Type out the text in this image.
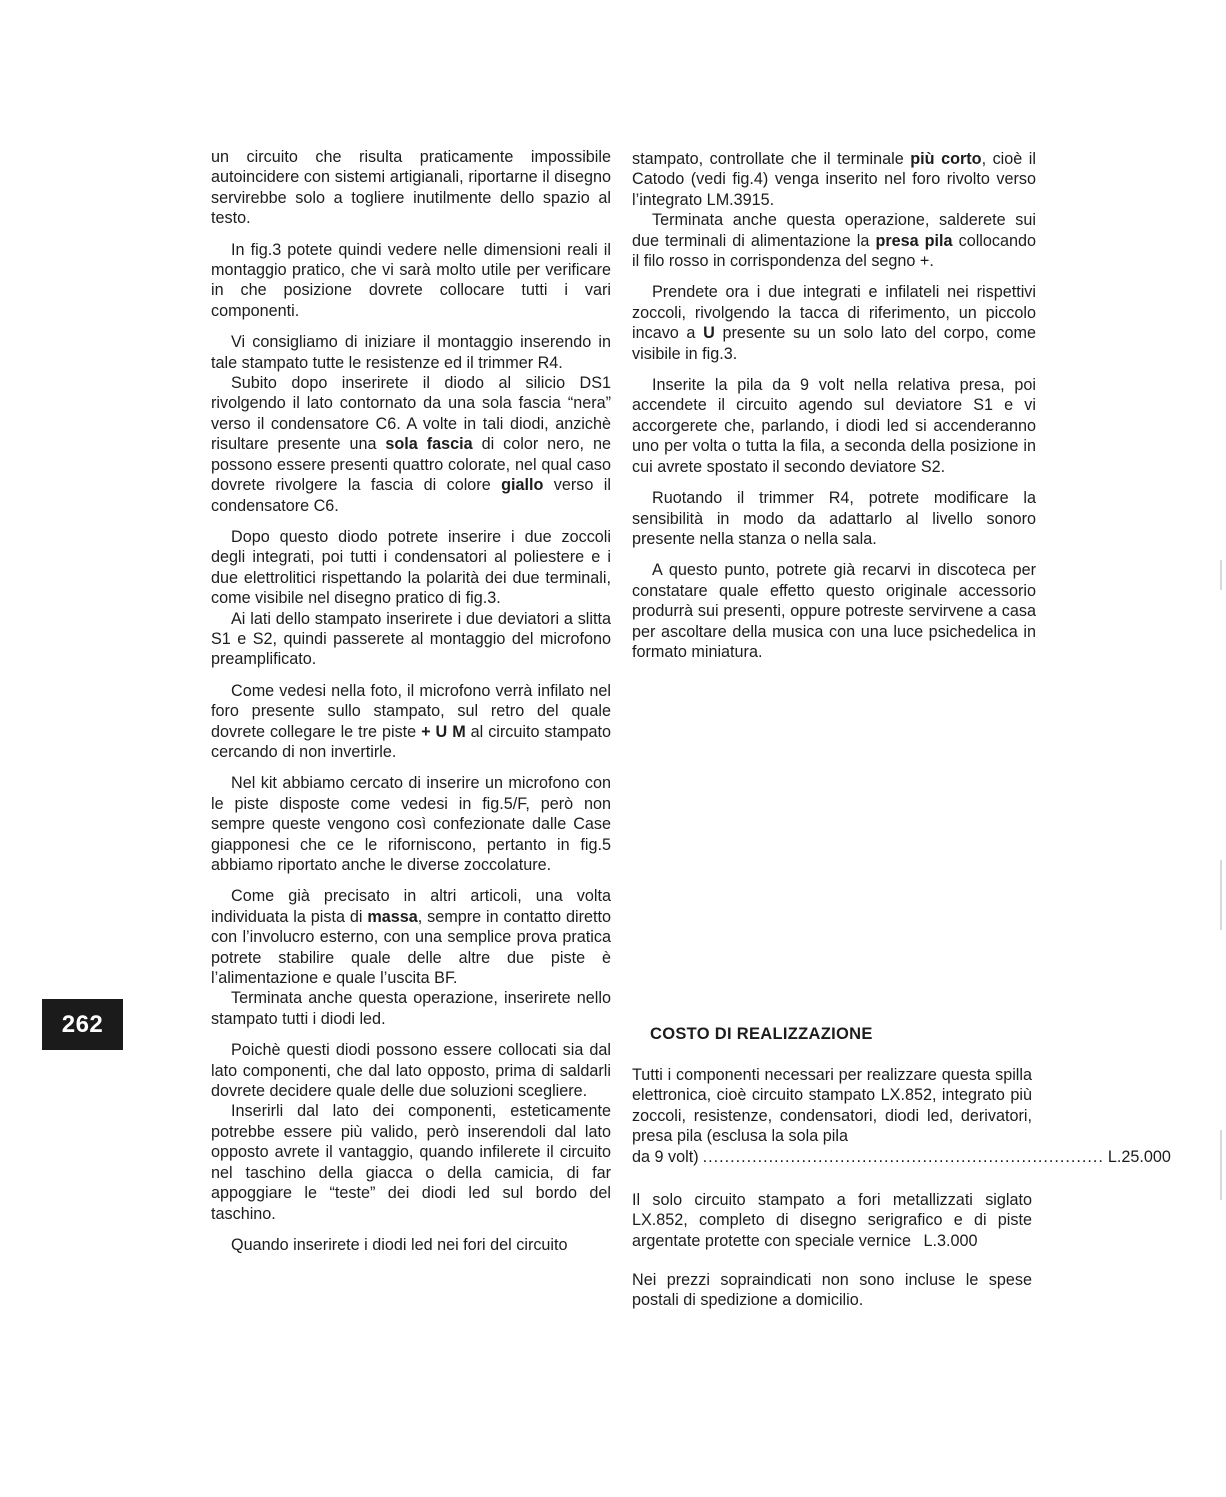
un circuito che risulta praticamente impossibile autoincidere con sistemi artigianali, riportarne il disegno servirebbe solo a togliere inutilmente dello spazio al testo.

In fig.3 potete quindi vedere nelle dimensioni reali il montaggio pratico, che vi sarà molto utile per verificare in che posizione dovrete collocare tutti i vari componenti.

Vi consigliamo di iniziare il montaggio inserendo in tale stampato tutte le resistenze ed il trimmer R4.

Subito dopo inserirete il diodo al silicio DS1 rivolgendo il lato contornato da una sola fascia “nera” verso il condensatore C6. A volte in tali diodi, anzichè risultare presente una sola fascia di color nero, ne possono essere presenti quattro colorate, nel qual caso dovrete rivolgere la fascia di colore giallo verso il condensatore C6.

Dopo questo diodo potrete inserire i due zoccoli degli integrati, poi tutti i condensatori al poliestere e i due elettrolitici rispettando la polarità dei due terminali, come visibile nel disegno pratico di fig.3.

Ai lati dello stampato inserirete i due deviatori a slitta S1 e S2, quindi passerete al montaggio del microfono preamplificato.

Come vedesi nella foto, il microfono verrà infilato nel foro presente sullo stampato, sul retro del quale dovrete collegare le tre piste + U M al circuito stampato cercando di non invertirle.

Nel kit abbiamo cercato di inserire un microfono con le piste disposte come vedesi in fig.5/F, però non sempre queste vengono così confezionate dalle Case giapponesi che ce le riforniscono, pertanto in fig.5 abbiamo riportato anche le diverse zoccolature.

Come già precisato in altri articoli, una volta individuata la pista di massa, sempre in contatto diretto con l’involucro esterno, con una semplice prova pratica potrete stabilire quale delle altre due piste è l’alimentazione e quale l’uscita BF.

Terminata anche questa operazione, inserirete nello stampato tutti i diodi led.

Poichè questi diodi possono essere collocati sia dal lato componenti, che dal lato opposto, prima di saldarli dovrete decidere quale delle due soluzioni scegliere.

Inserirli dal lato dei componenti, esteticamente potrebbe essere più valido, però inserendoli dal lato opposto avrete il vantaggio, quando infilerete il circuito nel taschino della giacca o della camicia, di far appoggiare le “teste” dei diodi led sul bordo del taschino.

Quando inserirete i diodi led nei fori del circuito

stampato, controllate che il terminale più corto, cioè il Catodo (vedi fig.4) venga inserito nel foro rivolto verso l’integrato LM.3915.

Terminata anche questa operazione, salderete sui due terminali di alimentazione la presa pila collocando il filo rosso in corrispondenza del segno +.

Prendete ora i due integrati e infilateli nei rispettivi zoccoli, rivolgendo la tacca di riferimento, un piccolo incavo a U presente su un solo lato del corpo, come visibile in fig.3.

Inserite la pila da 9 volt nella relativa presa, poi accendete il circuito agendo sul deviatore S1 e vi accorgerete che, parlando, i diodi led si accenderanno uno per volta o tutta la fila, a seconda della posizione in cui avrete spostato il secondo deviatore S2.

Ruotando il trimmer R4, potrete modificare la sensibilità in modo da adattarlo al livello sonoro presente nella stanza o nella sala.

A questo punto, potrete già recarvi in discoteca per constatare quale effetto questo originale accessorio produrrà sui presenti, oppure potreste servirvene a casa per ascoltare della musica con una luce psichedelica in formato miniatura.

262	COSTO DI REALIZZAZIONE

Tutti i componenti necessari per realizzare questa spilla elettronica, cioè circuito stampato LX.852, integrato più zoccoli, resistenze, condensatori, diodi led, derivatori, presa pila (esclusa la sola pila

da 9 volt) ......................................................................... L.25.000

Il solo circuito stampato a fori metallizzati siglato LX.852, completo di disegno serigrafico e di piste argentate protette con speciale vernice L.3.000

Nei prezzi sopraindicati non sono incluse le spese postali di spedizione a domicilio.
